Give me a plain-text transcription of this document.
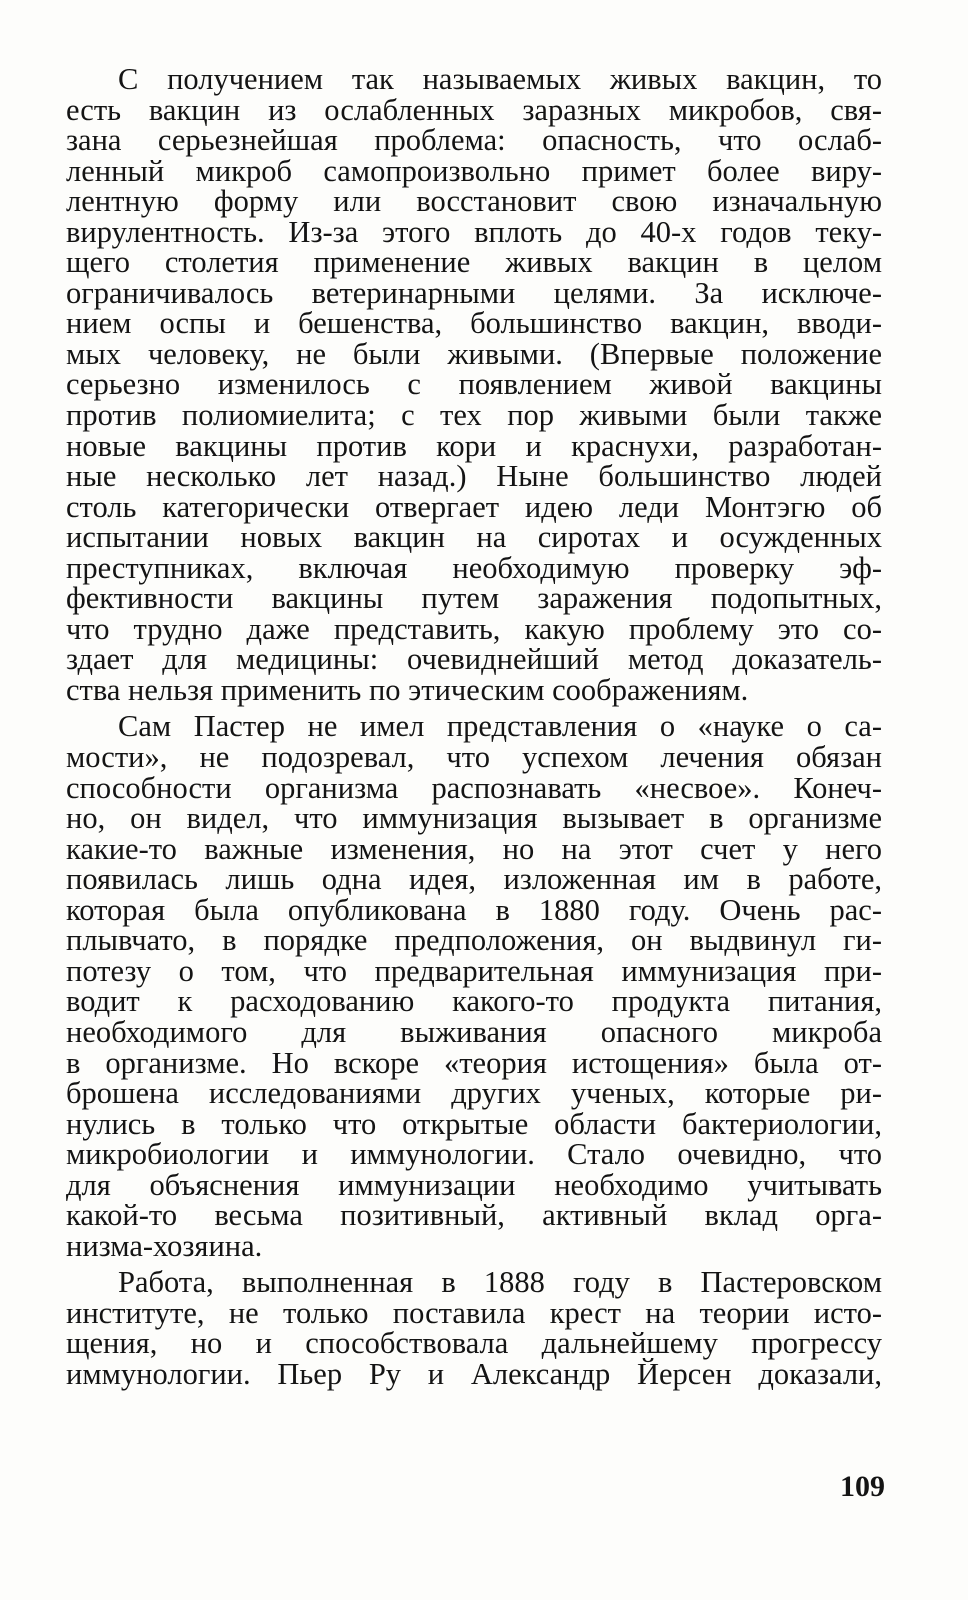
С получением так называемых живых вакцин, то
есть вакцин из ослабленных заразных микробов, свя-
зана серьезнейшая проблема: опасность, что ослаб-
ленный микроб самопроизвольно примет более виру-
лентную форму или восстановит свою изначальную
вирулентность. Из-за этого вплоть до 40-х годов теку-
щего столетия применение живых вакцин в целом
ограничивалось ветеринарными целями. За исключе-
нием оспы и бешенства, большинство вакцин, вводи-
мых человеку, не были живыми. (Впервые положение
серьезно изменилось с появлением живой вакцины
против полиомиелита; с тех пор живыми были также
новые вакцины против кори и краснухи, разработан-
ные несколько лет назад.) Ныне большинство людей
столь категорически отвергает идею леди Монтэгю об
испытании новых вакцин на сиротах и осужденных
преступниках, включая необходимую проверку эф-
фективности вакцины путем заражения подопытных,
что трудно даже представить, какую проблему это со-
здает для медицины: очевиднейший метод доказатель-
ства нельзя применить по этическим соображениям.
Сам Пастер не имел представления о «науке о са-
мости», не подозревал, что успехом лечения обязан
способности организма распознавать «несвое». Конеч-
но, он видел, что иммунизация вызывает в организме
какие-то важные изменения, но на этот счет у него
появилась лишь одна идея, изложенная им в работе,
которая была опубликована в 1880 году. Очень рас-
плывчато, в порядке предположения, он выдвинул ги-
потезу о том, что предварительная иммунизация при-
водит к расходованию какого-то продукта питания,
необходимого для выживания опасного микроба
в организме. Но вскоре «теория истощения» была от-
брошена исследованиями других ученых, которые ри-
нулись в только что открытые области бактериологии,
микробиологии и иммунологии. Стало очевидно, что
для объяснения иммунизации необходимо учитывать
какой-то весьма позитивный, активный вклад орга-
низма-хозяина.
Работа, выполненная в 1888 году в Пастеровском
институте, не только поставила крест на теории исто-
щения, но и способствовала дальнейшему прогрессу
иммунологии. Пьер Ру и Александр Йерсен доказали,
109
